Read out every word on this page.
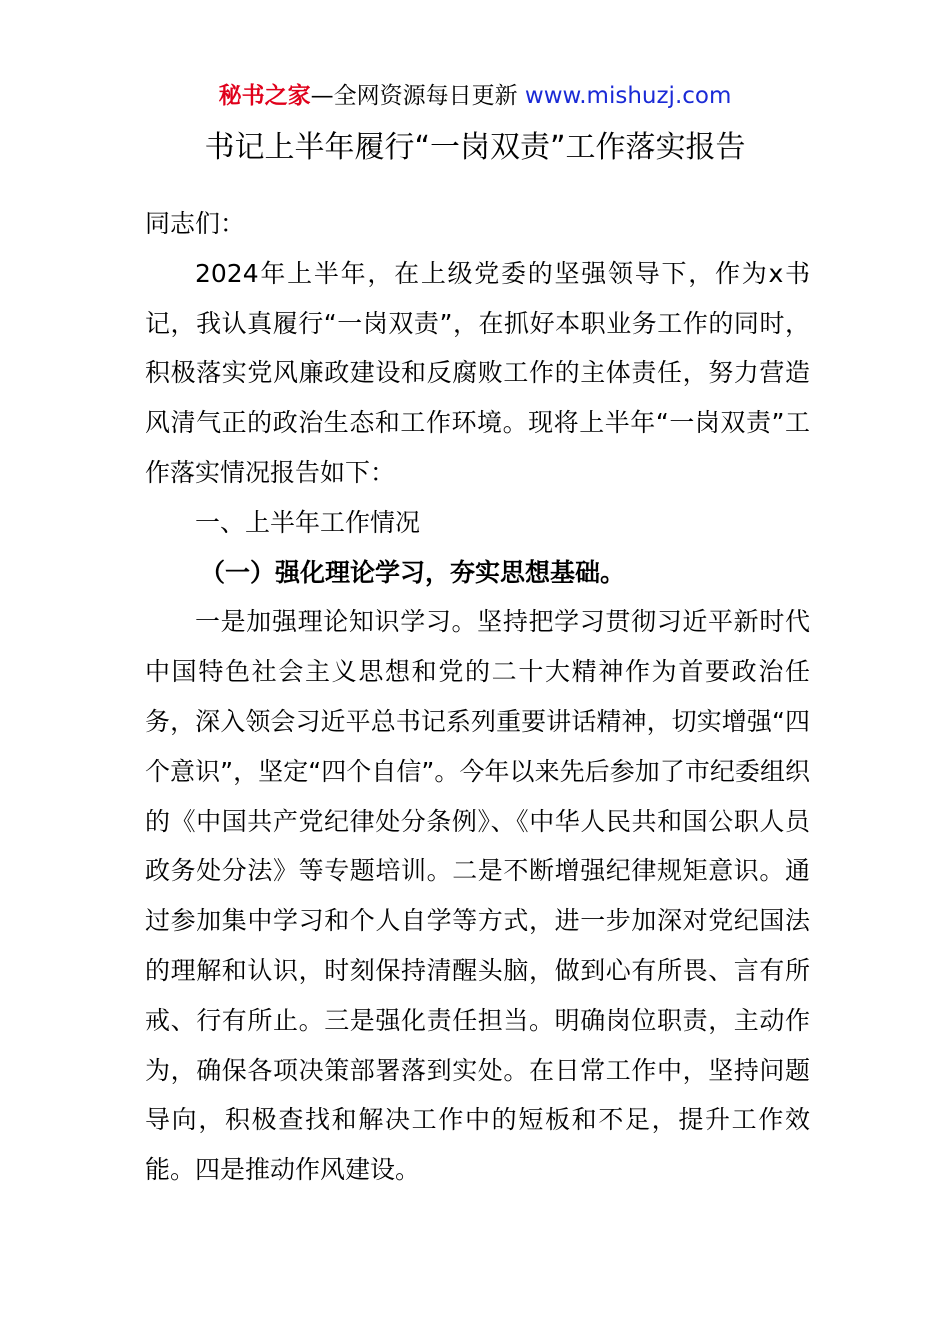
秘书之家—全网资源每日更新 www.mishuzj.com
书记上半年履行“一岗双责”工作落实报告

同志们：

2024年上半年，在上级党委的坚强领导下，作为x书记，我认真履行“一岗双责”，在抓好本职业务工作的同时，积极落实党风廉政建设和反腐败工作的主体责任，努力营造风清气正的政治生态和工作环境。现将上半年“一岗双责”工作落实情况报告如下：

一、上半年工作情况

（一）强化理论学习，夯实思想基础。

一是加强理论知识学习。坚持把学习贯彻习近平新时代中国特色社会主义思想和党的二十大精神作为首要政治任务，深入领会习近平总书记系列重要讲话精神，切实增强“四个意识”，坚定“四个自信”。今年以来先后参加了市纪委组织的《中国共产党纪律处分条例》、《中华人民共和国公职人员政务处分法》等专题培训。二是不断增强纪律规矩意识。通过参加集中学习和个人自学等方式，进一步加深对党纪国法的理解和认识，时刻保持清醒头脑，做到心有所畏、言有所戒、行有所止。三是强化责任担当。明确岗位职责，主动作为，确保各项决策部署落到实处。在日常工作中，坚持问题导向，积极查找和解决工作中的短板和不足，提升工作效能。四是推动作风建设。
